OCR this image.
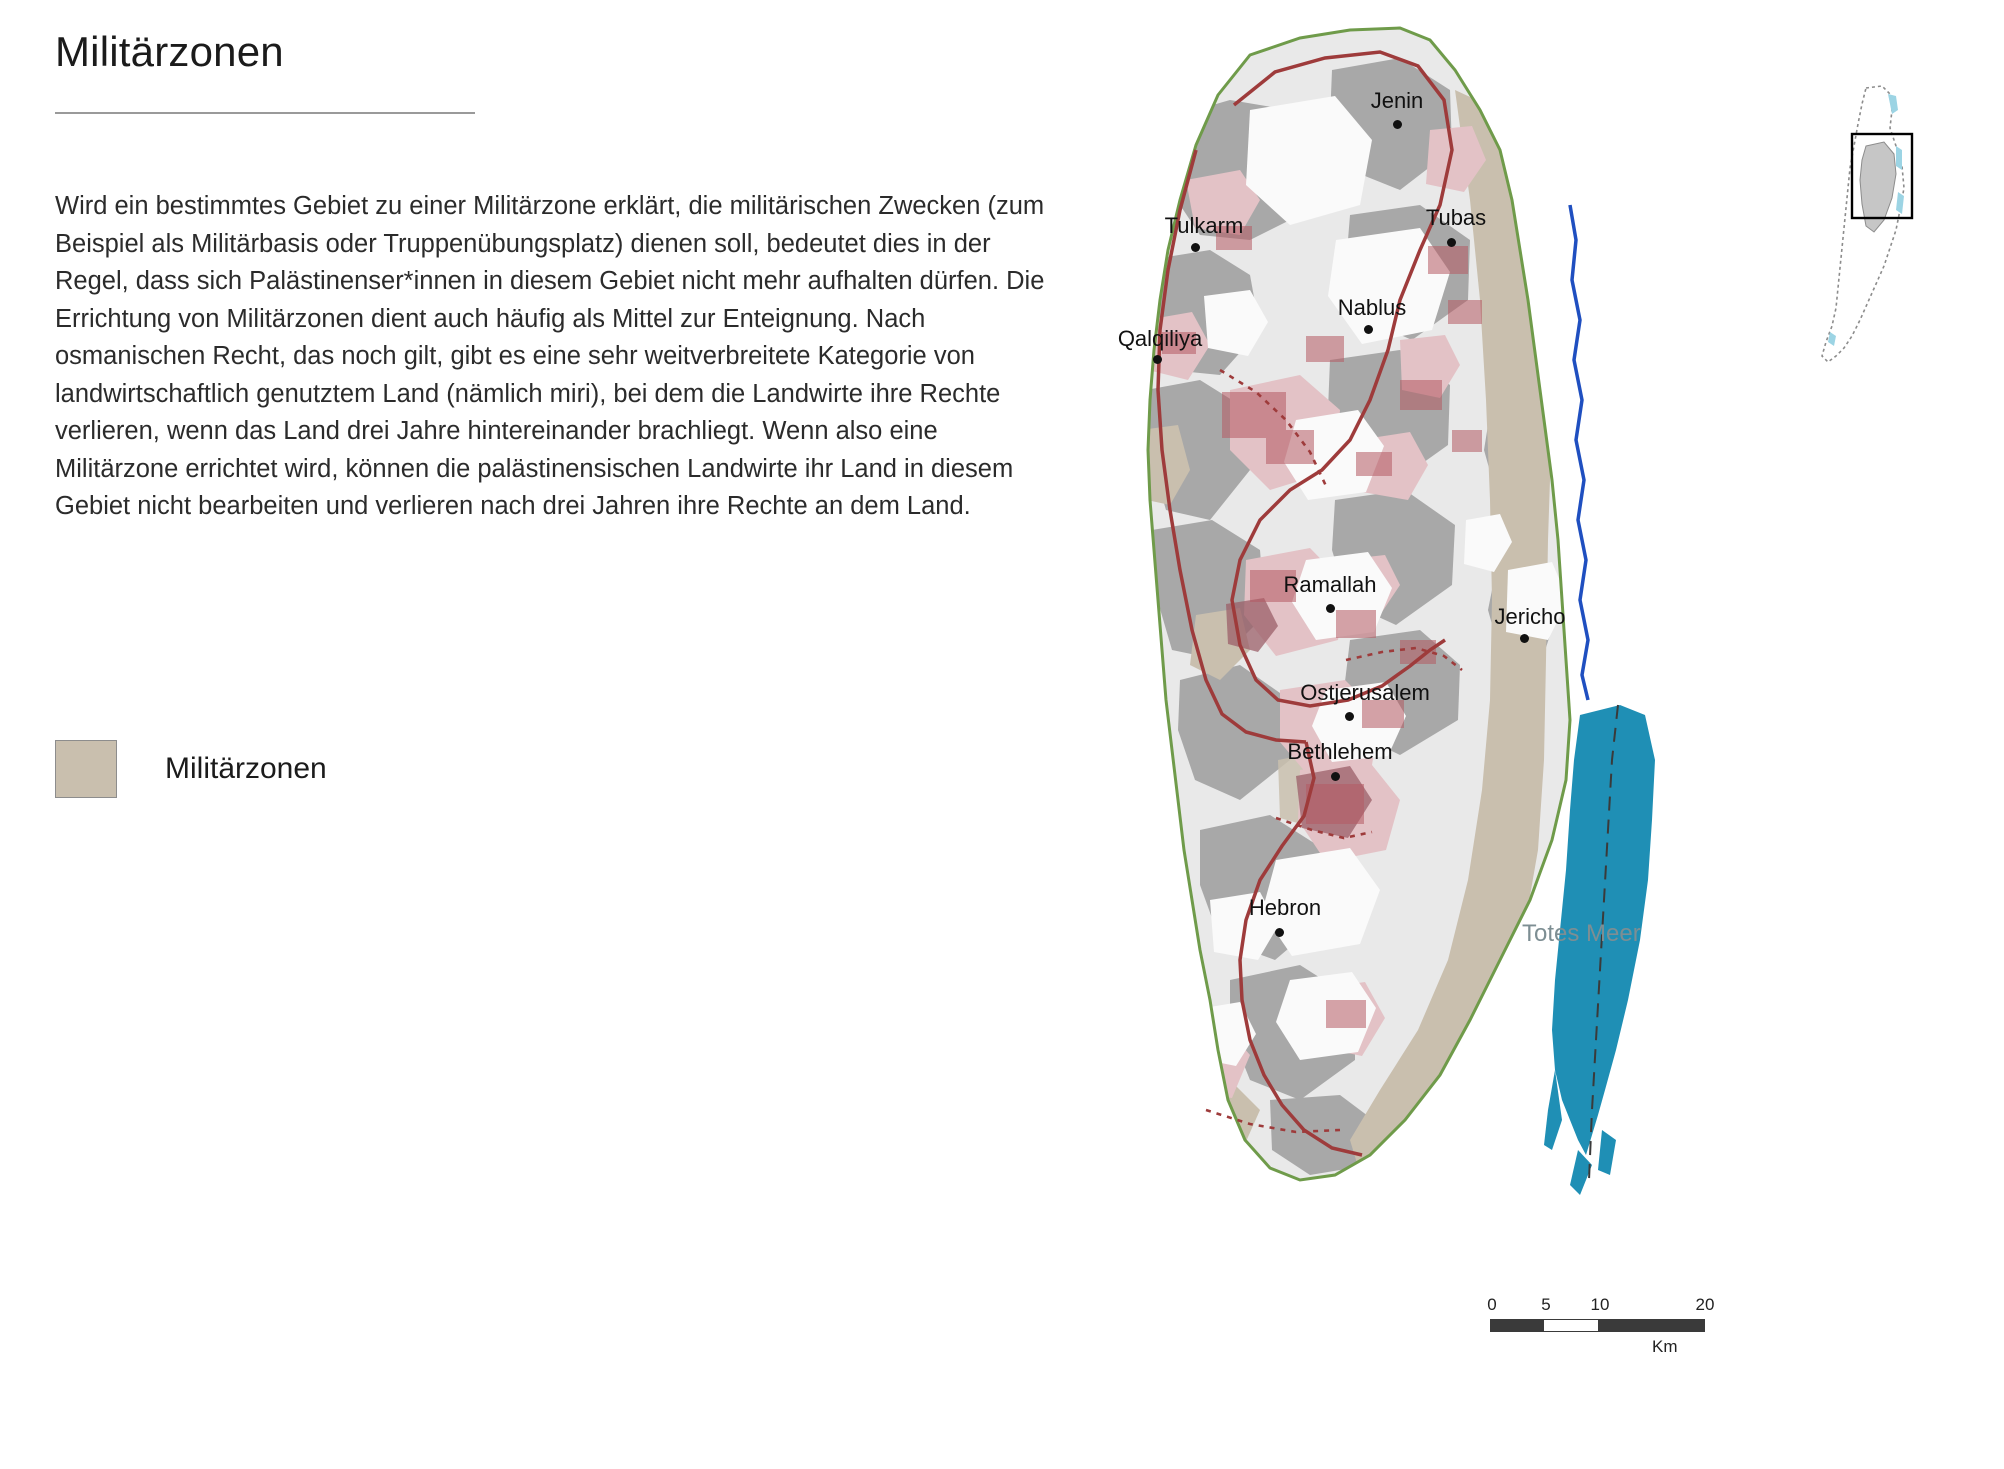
Militärzonen
Wird ein bestimmtes Gebiet zu einer Militärzone erklärt, die militärischen Zwecken (zum Beispiel als Militärbasis oder Truppenübungsplatz) dienen soll, bedeutet dies in der Regel, dass sich Palästinenser*innen in diesem Gebiet nicht mehr aufhalten dürfen. Die Errichtung von Militärzonen dient auch häufig als Mittel zur Enteignung. Nach osmanischen Recht, das noch gilt, gibt es eine sehr weitverbreitete Kategorie von landwirtschaftlich genutztem Land (nämlich miri), bei dem die Landwirte ihre Rechte verlieren, wenn das Land drei Jahre hintereinander brachliegt. Wenn also eine Militärzone errichtet wird, können die palästinensischen Landwirte ihr Land in diesem Gebiet nicht bearbeiten und verlieren nach drei Jahren ihre Rechte an dem Land.
Militärzonen
Jenin
Tubas
Tulkarm
Nablus
Qalqiliya
Ramallah
Jericho
Ostjerusalem
Bethlehem
Hebron
Totes Meer
0	5 10	20
Km
